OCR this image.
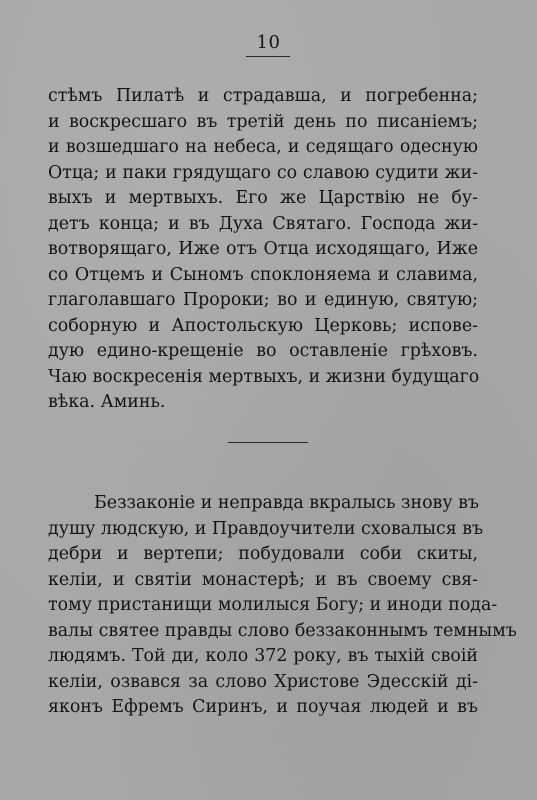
10
стѣмъ Пилатѣ и страдавша, и погребенна;
и воскресшаго въ третій день по писаніемъ;
и возшедшаго на небеса, и седящаго одесную
Отца; и паки грядущаго со славою судити жи-
выхъ и мертвыхъ. Его же Царствію не бу-
детъ конца; и въ Духа Святаго. Господа жи-
вотворящаго, Иже отъ Отца исходящаго, Иже
со Отцемъ и Сыномъ споклоняема и славима,
глаголавшаго Пророки; во и единую, святую;
соборную и Апостольскую Церковь; испове-
дую едино-крещеніе во оставленіе грѣховъ.
Чаю воскресенія мертвыхъ, и жизни будущаго
вѣка. Аминь.
Беззаконіе и неправда вкралысь знову въ
душу людскую, и Правдоучители сховалыся въ
дебри и вертепи; побудовали соби скиты,
келіи, и святіи монастерѣ; и въ своему свя-
тому пристанищи молилыся Богу; и иноди пода-
валы святее правды слово беззаконнымъ темнымъ
людямъ. Той ди, коло 372 року, въ тыхій своій
келіи, озвався за слово Христове Эдесскій ді-
яконъ Ефремъ Сиринъ, и поучая людей и въ
